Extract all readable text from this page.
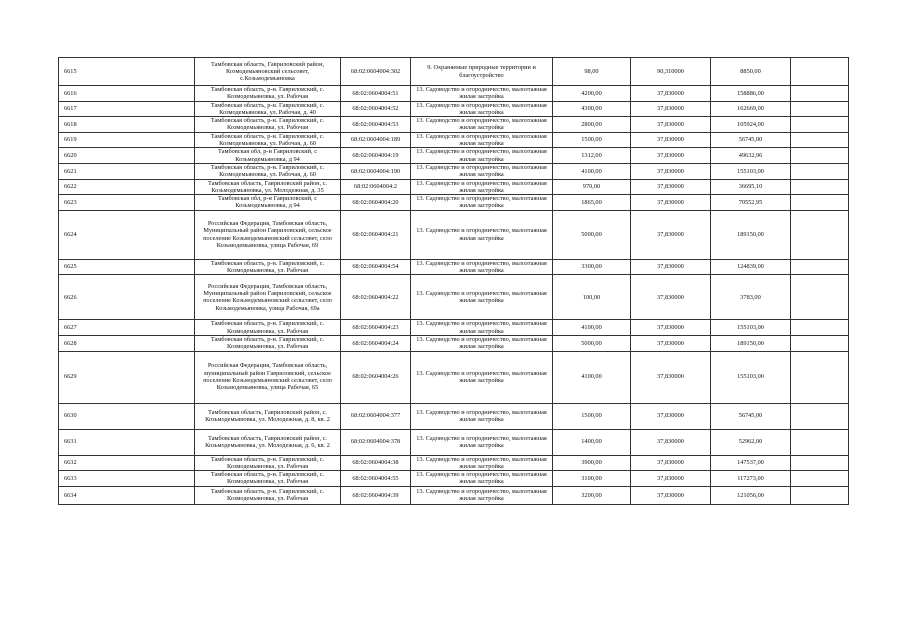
6615	Тамбовская область, Гавриловский район, Козмодемьяновский сельсовет, с.Козьмодемьяновка	68:02:0604004:302	9. Охраняемые природные территории и благоустройство	98,00	90,310000	8850,00	
6616	Тамбовская область, р-н. Гавриловский, с. Козмодемьяновка, ул. Рабочая	68:02:0604004:51	13. Садоводство и огородничество, малоэтажная жилая застройка	4200,00	37,830000	158886,00	
6617	Тамбовская область, р-н. Гавриловский, с. Козмодемьяновка, ул. Рабочая, д. 40	68:02:0604004:52	13. Садоводство и огородничество, малоэтажная жилая застройка	4300,00	37,830000	162669,00	
6618	Тамбовская область, р-н. Гавриловский, с. Козмодемьяновка, ул. Рабочая	68:02:0604004:53	13. Садоводство и огородничество, малоэтажная жилая застройка	2800,00	37,830000	105924,00	
6619	Тамбовская область, р-н. Гавриловский, с. Козмодемьяновка, ул. Рабочая, д. 60	68:02:0604004:189	13. Садоводство и огородничество, малоэтажная жилая застройка	1500,00	37,830000	56745,00	
6620	Тамбовская обл, р-н Гавриловский, с Козьмодемьяновка, д 94	68:02:0604004:19	13. Садоводство и огородничество, малоэтажная жилая застройка	1312,00	37,830000	49632,96	
6621	Тамбовская область, р-н. Гавриловский, с. Козмодемьяновка, ул. Рабочая, д. 60	68:02:0604004:190	13. Садоводство и огородничество, малоэтажная жилая застройка	4100,00	37,830000	155103,00	
6622	Тамбовская область, Гавриловский район, с. Козьмодемьяновка, ул. Молодежная, д. 35	68:02:0604004:2	13. Садоводство и огородничество, малоэтажная жилая застройка	970,00	37,830000	36695,10	
6623	Тамбовская обл, р-н Гавриловский, с Козьмодемьяновка, д 94	68:02:0604004:20	13. Садоводство и огородничество, малоэтажная жилая застройка	1865,00	37,830000	70552,95	
6624	Российская Федерация, Тамбовская область, Муниципальный район Гавриловский, сельское поселение Козьмодемьяновский сельсовет, село Козьмодемьяновка, улица Рабочая, 69	68:02:0604004:21	13. Садоводство и огородничество, малоэтажная жилая застройка	5000,00	37,830000	189150,00	
6625	Тамбовская область, р-н. Гавриловский, с. Козмодемьяновка, ул. Рабочая	68:02:0604004:54	13. Садоводство и огородничество, малоэтажная жилая застройка	3300,00	37,830000	124839,00	
6626	Российская Федерация, Тамбовская область, Муниципальный район Гавриловский, сельское поселение Козьмодемьяновский сельсовет, село Козьмодемьяновка, улица Рабочая, 69а	68:02:0604004:22	13. Садоводство и огородничество, малоэтажная жилая застройка	100,00	37,830000	3783,00	
6627	Тамбовская область, р-н. Гавриловский, с. Козмодемьяновка, ул. Рабочая	68:02:0604004:23	13. Садоводство и огородничество, малоэтажная жилая застройка	4100,00	37,830000	155103,00	
6628	Тамбовская область, р-н. Гавриловский, с. Козмодемьяновка, ул. Рабочая	68:02:0604004:24	13. Садоводство и огородничество, малоэтажная жилая застройка	5000,00	37,830000	189150,00	
6629	Российская Федерация, Тамбовская область, муниципальный район Гавриловский, сельское поселение Козьмодемьяновский сельсовет, село Козьмодемьяновка, улица Рабочая, 65	68:02:0604004:26	13. Садоводство и огородничество, малоэтажная жилая застройка	4100,00	37,830000	155103,00	
6630	Тамбовская область, Гавриловский район, с. Козьмодемьяновка, ул. Молодежная, д. 8, кв. 2	68:02:0604004:377	13. Садоводство и огородничество, малоэтажная жилая застройка	1500,00	37,830000	56745,00	
6631	Тамбовская область, Гавриловский район, с. Козьмодемьяновка, ул. Молодежная, д. 6, кв. 2	68:02:0604004:378	13. Садоводство и огородничество, малоэтажная жилая застройка	1400,00	37,830000	52962,00	
6632	Тамбовская область, р-н. Гавриловский, с. Козмодемьяновка, ул. Рабочая	68:02:0604004:38	13. Садоводство и огородничество, малоэтажная жилая застройка	3900,00	37,830000	147537,00	
6633	Тамбовская область, р-н. Гавриловский, с. Козмодемьяновка, ул. Рабочая	68:02:0604004:55	13. Садоводство и огородничество, малоэтажная жилая застройка	3100,00	37,830000	117273,00	
6634	Тамбовская область, р-н. Гавриловский, с. Козмодемьяновка, ул. Рабочая	68:02:0604004:39	13. Садоводство и огородничество, малоэтажная жилая застройка	3200,00	37,830000	121056,00	
